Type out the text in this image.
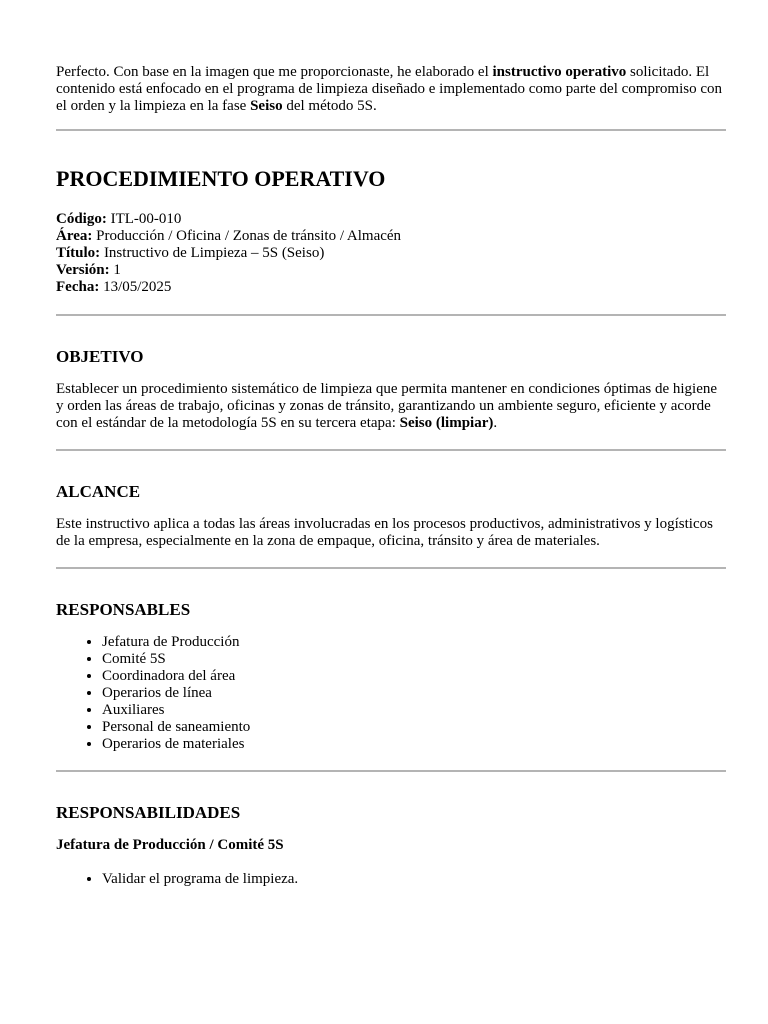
Perfecto. Con base en la imagen que me proporcionaste, he elaborado el instructivo operativo solicitado. El contenido está enfocado en el programa de limpieza diseñado e implementado como parte del compromiso con el orden y la limpieza en la fase Seiso del método 5S.

PROCEDIMIENTO OPERATIVO
Código: ITL-00-010
Área: Producción / Oficina / Zonas de tránsito / Almacén
Título: Instructivo de Limpieza – 5S (Seiso)
Versión: 1
Fecha: 13/05/2025
OBJETIVO

Establecer un procedimiento sistemático de limpieza que permita mantener en condiciones óptimas de higiene y orden las áreas de trabajo, oficinas y zonas de tránsito, garantizando un ambiente seguro, eficiente y acorde con el estándar de la metodología 5S en su tercera etapa: Seiso (limpiar).

ALCANCE

Este instructivo aplica a todas las áreas involucradas en los procesos productivos, administrativos y logísticos de la empresa, especialmente en la zona de empaque, oficina, tránsito y área de materiales.

RESPONSABLES
• Jefatura de Producción
• Comité 5S
• Coordinadora del área
• Operarios de línea
• Auxiliares
• Personal de saneamiento
• Operarios de materiales
RESPONSABILIDADES
Jefatura de Producción / Comité 5S
• Validar el programa de limpieza.
